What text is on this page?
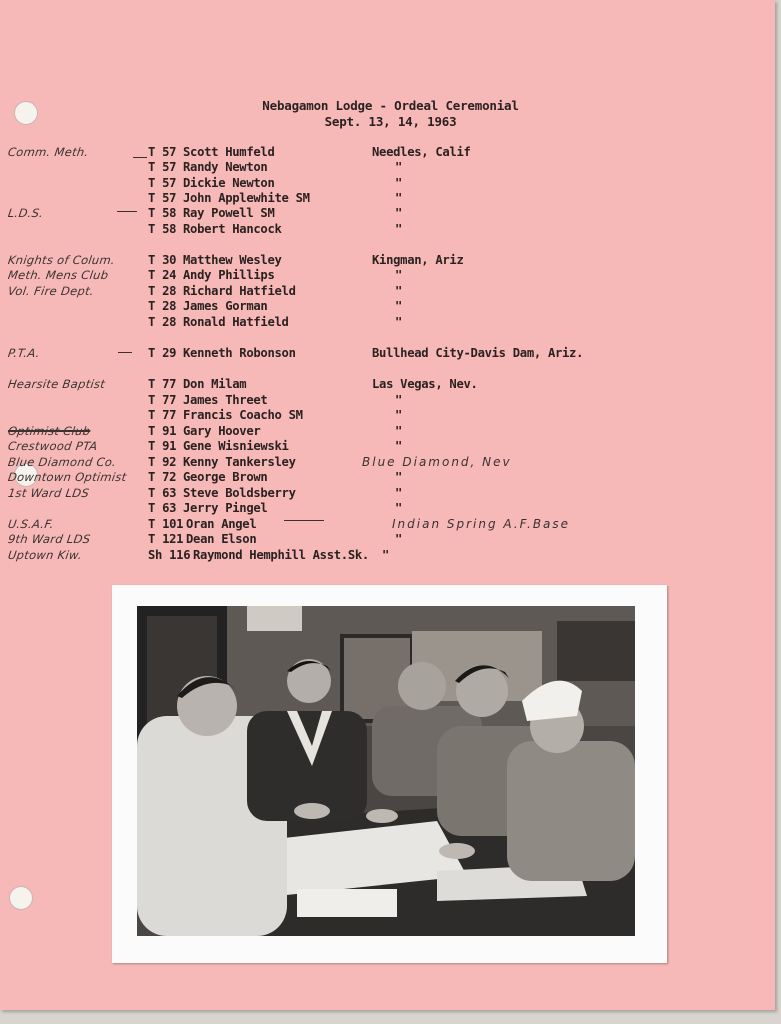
Nebagamon Lodge - Ordeal Ceremonial
Sept. 13, 14, 1963
Comm. Meth.	T 57 Scott Humfeld	Needles, Calif
T 57 Randy Newton	"
T 57 Dickie Newton	"
T 57 John Applewhite SM	"
L.D.S.	T 58 Ray Powell SM	"
T 58 Robert Hancock	"
Knights of Colum.	T 30 Matthew Wesley	Kingman, Ariz
Meth. Mens Club	T 24 Andy Phillips	"
Vol. Fire Dept.	T 28 Richard Hatfield	"
T 28 James Gorman	"
T 28 Ronald Hatfield	"
P.T.A.	T 29 Kenneth Robonson	Bullhead City-Davis Dam, Ariz.
Hearsite Baptist	T 77 Don Milam	Las Vegas, Nev.
T 77 James Threet	"
T 77 Francis Coacho SM	"
Optimist Club	T 91 Gary Hoover	"
Crestwood PTA	T 91 Gene Wisniewski	"
Blue Diamond Co.	T 92 Kenny Tankersley	Blue Diamond, Nev
Downtown Optimist T 72 George Brown	"
1st Ward LDS	T 63 Steve Boldsberry	"
T 63 Jerry Pingel	"
U.S.A.F.	T 101 Oran Angel	Indian Spring A.F.Base
9th Ward LDS	T 121 Dean Elson	"
Uptown Kiw.	Sh 116 Raymond Hemphill Asst.Sk. "
